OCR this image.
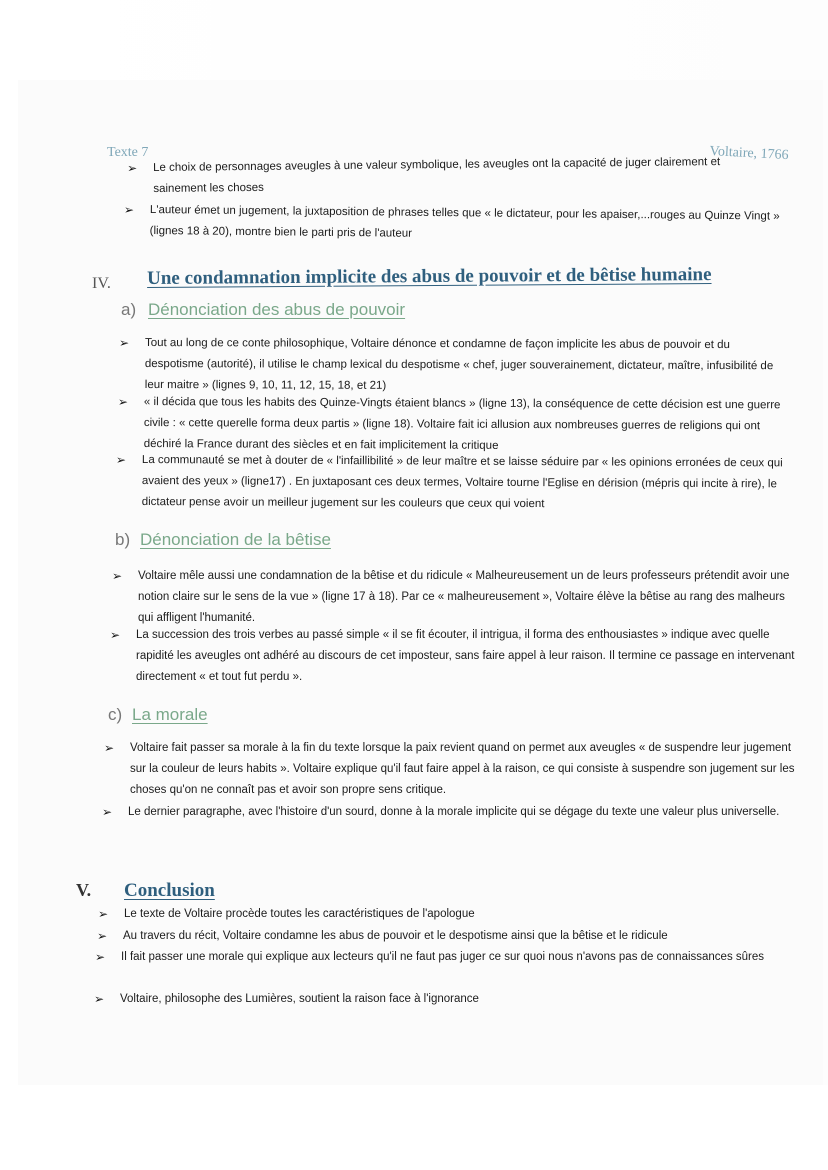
Texte 7	Voltaire, 1766
➢ Le choix de personnages aveugles à une valeur symbolique, les aveugles ont la capacité de juger clairement et sainement les choses
➢ L'auteur émet un jugement, la juxtaposition de phrases telles que « le dictateur, pour les apaiser,...rouges au Quinze Vingt » (lignes 18 à 20), montre bien le parti pris de l'auteur
IV. Une condamnation implicite des abus de pouvoir et de bêtise humaine
a) Dénonciation des abus de pouvoir
➢ Tout au long de ce conte philosophique, Voltaire dénonce et condamne de façon implicite les abus de pouvoir et du despotisme (autorité), il utilise le champ lexical du despotisme « chef, juger souverainement, dictateur, maître, infusibilité de leur maitre » (lignes 9, 10, 11, 12, 15, 18, et 21)
➢ « il décida que tous les habits des Quinze-Vingts étaient blancs » (ligne 13), la conséquence de cette décision est une guerre civile : « cette querelle forma deux partis » (ligne 18). Voltaire fait ici allusion aux nombreuses guerres de religions qui ont déchiré la France durant des siècles et en fait implicitement la critique
➢ La communauté se met à douter de « l'infaillibilité » de leur maître et se laisse séduire par « les opinions erronées de ceux qui avaient des yeux » (ligne17) . En juxtaposant ces deux termes, Voltaire tourne l'Eglise en dérision (mépris qui incite à rire), le dictateur pense avoir un meilleur jugement sur les couleurs que ceux qui voient
b) Dénonciation de la bêtise
➢ Voltaire mêle aussi une condamnation de la bêtise et du ridicule « Malheureusement un de leurs professeurs prétendit avoir une notion claire sur le sens de la vue » (ligne 17 à 18). Par ce « malheureusement », Voltaire élève la bêtise au rang des malheurs qui affligent l'humanité.
➢ La succession des trois verbes au passé simple « il se fit écouter, il intrigua, il forma des enthousiastes » indique avec quelle rapidité les aveugles ont adhéré au discours de cet imposteur, sans faire appel à leur raison. Il termine ce passage en intervenant directement « et tout fut perdu ».
c) La morale
➢ Voltaire fait passer sa morale à la fin du texte lorsque la paix revient quand on permet aux aveugles « de suspendre leur jugement sur la couleur de leurs habits ». Voltaire explique qu'il faut faire appel à la raison, ce qui consiste à suspendre son jugement sur les choses qu'on ne connaît pas et avoir son propre sens critique.
➢ Le dernier paragraphe, avec l'histoire d'un sourd, donne à la morale implicite qui se dégage du texte une valeur plus universelle.
V. Conclusion
➢ Le texte de Voltaire procède toutes les caractéristiques de l'apologue
➢ Au travers du récit, Voltaire condamne les abus de pouvoir et le despotisme ainsi que la bêtise et le ridicule
➢ Il fait passer une morale qui explique aux lecteurs qu'il ne faut pas juger ce sur quoi nous n'avons pas de connaissances sûres
➢ Voltaire, philosophe des Lumières, soutient la raison face à l'ignorance
